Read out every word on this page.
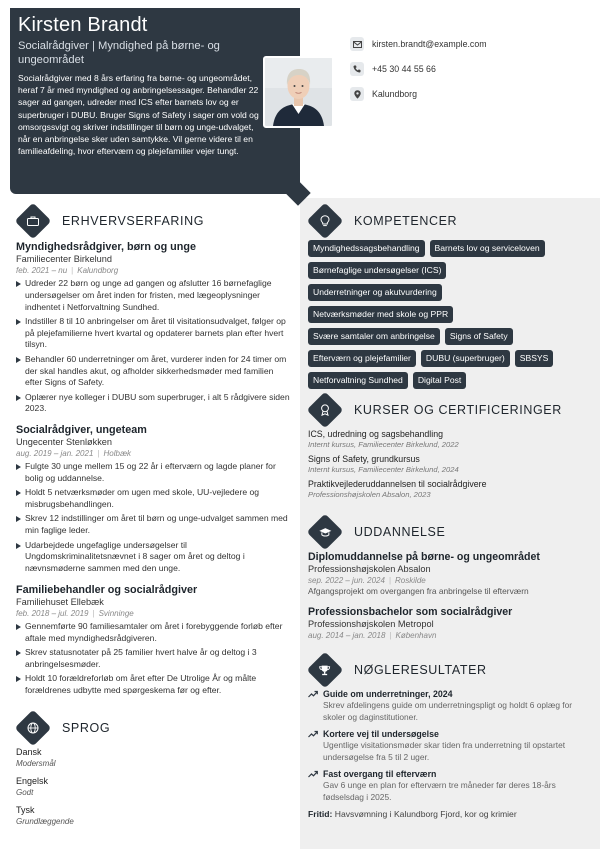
Kirsten Brandt
Socialrådgiver | Myndighed på børne- og ungeområdet
Socialrådgiver med 8 års erfaring fra børne- og ungeområdet, heraf 7 år med myndighed og anbringelsessager. Behandler 22 sager ad gangen, udreder med ICS efter barnets lov og er superbruger i DUBU. Bruger Signs of Safety i sager om vold og omsorgssvigt og skriver indstillinger til børn og unge-udvalget, når en anbringelse sker uden samtykke. Vil gerne videre til en familieafdeling, hvor efterværn og plejefamilier vejer tungt.
kirsten.brandt@example.com
+45 30 44 55 66
Kalundborg
ERHVERVSERFARING
Myndighedsrådgiver, børn og unge
Familiecenter Birkelund
feb. 2021 – nu | Kalundborg
Udreder 22 børn og unge ad gangen og afslutter 16 børnefaglige undersøgelser om året inden for fristen, med lægeoplysninger indhentet i Netforvaltning Sundhed.
Indstiller 8 til 10 anbringelser om året til visitationsudvalget, følger op på plejefamilierne hvert kvartal og opdaterer barnets plan efter hvert tilsyn.
Behandler 60 underretninger om året, vurderer inden for 24 timer om der skal handles akut, og afholder sikkerhedsmøder med familien efter Signs of Safety.
Oplærer nye kolleger i DUBU som superbruger, i alt 5 rådgivere siden 2023.
Socialrådgiver, ungeteam
Ungecenter Stenløkken
aug. 2019 – jan. 2021 | Holbæk
Fulgte 30 unge mellem 15 og 22 år i efterværn og lagde planer for bolig og uddannelse.
Holdt 5 netværksmøder om ugen med skole, UU-vejledere og misbrugsbehandlingen.
Skrev 12 indstillinger om året til børn og unge-udvalget sammen med min faglige leder.
Udarbejdede ungefaglige undersøgelser til Ungdomskriminalitetsnævnet i 8 sager om året og deltog i nævnsmøderne sammen med den unge.
Familiebehandler og socialrådgiver
Familiehuset Ellebæk
feb. 2018 – jul. 2019 | Svinninge
Gennemførte 90 familiesamtaler om året i forebyggende forløb efter aftale med myndighedsrådgiveren.
Skrev statusnotater på 25 familier hvert halve år og deltog i 3 anbringelsesmøder.
Holdt 10 forældreforløb om året efter De Utrolige År og målte forældrenes udbytte med spørgeskema før og efter.
SPROG
Dansk
Modersmål
Engelsk
Godt
Tysk
Grundlæggende
KOMPETENCER
Myndighedssagsbehandling	Barnets lov og serviceloven
Børnefaglige undersøgelser (ICS)
Underretninger og akutvurdering
Netværksmøder med skole og PPR
Svære samtaler om anbringelse	Signs of Safety
Efterværn og plejefamilier	DUBU (superbruger)	SBSYS
Netforvaltning Sundhed	Digital Post
KURSER OG CERTIFICERINGER
ICS, udredning og sagsbehandling
Internt kursus, Familiecenter Birkelund, 2022
Signs of Safety, grundkursus
Internt kursus, Familiecenter Birkelund, 2024
Praktikvejlederuddannelsen til socialrådgivere
Professionshøjskolen Absalon, 2023
UDDANNELSE
Diplomuddannelse på børne- og ungeområdet
Professionshøjskolen Absalon
sep. 2022 – jun. 2024 | Roskilde
Afgangsprojekt om overgangen fra anbringelse til efterværn
Professionsbachelor som socialrådgiver
Professionshøjskolen Metropol
aug. 2014 – jan. 2018 | København
NØGLERESULTATER
Guide om underretninger, 2024
Skrev afdelingens guide om underretningspligt og holdt 6 oplæg for skoler og daginstitutioner.
Kortere vej til undersøgelse
Ugentlige visitationsmøder skar tiden fra underretning til opstartet undersøgelse fra 5 til 2 uger.
Fast overgang til efterværn
Gav 6 unge en plan for efterværn tre måneder før deres 18-års fødselsdag i 2025.
Fritid: Havsvømning i Kalundborg Fjord, kor og krimier
